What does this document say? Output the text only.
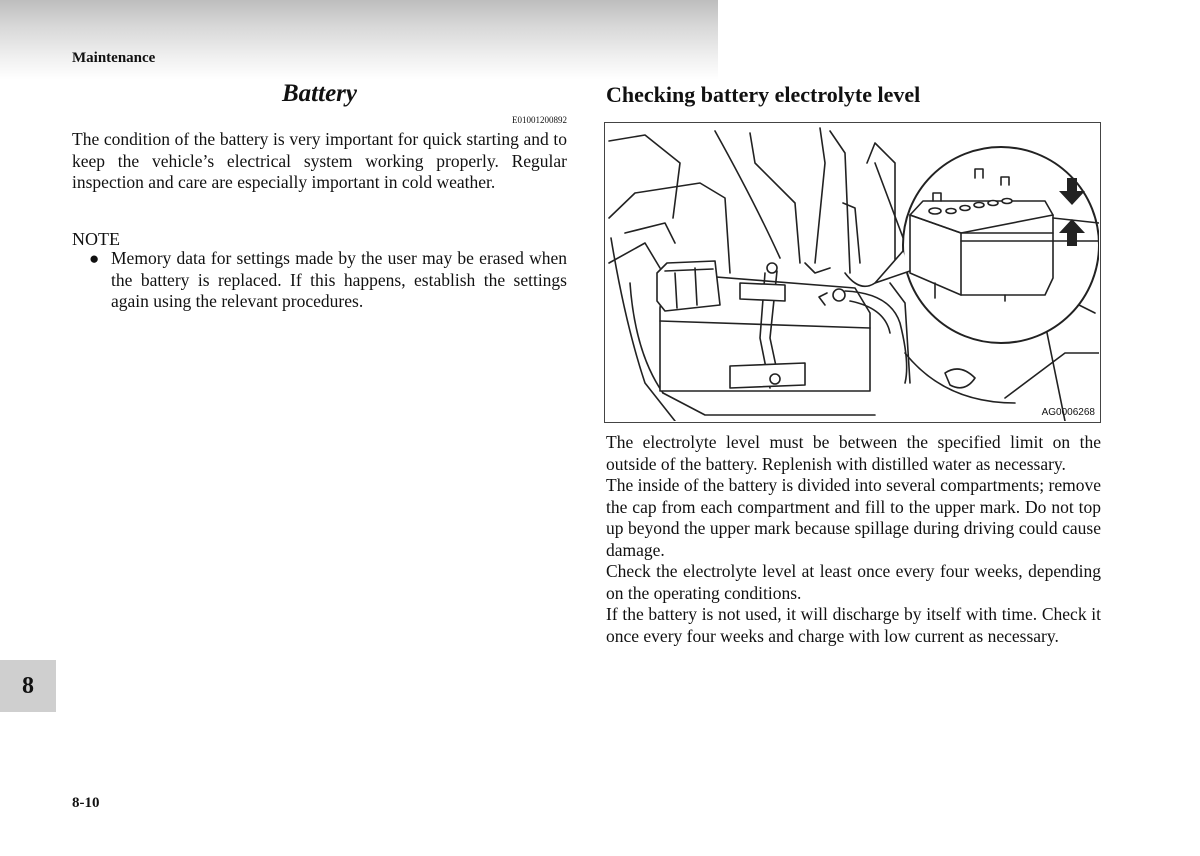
Maintenance
Battery
E01001200892

The condition of the battery is very important for quick starting and to keep the vehicle’s electrical system working properly. Regular inspection and care are especially important in cold weather.

NOTE
● Memory data for settings made by the user may be erased when the battery is replaced. If this happens, establish the settings again using the relevant procedures.
Checking battery electrolyte level
AG0006268

The electrolyte level must be between the specified limit on the outside of the battery. Replenish with distilled water as necessary.

The inside of the battery is divided into several compartments; remove the cap from each compartment and fill to the upper mark. Do not top up beyond the upper mark because spillage during driving could cause damage.

Check the electrolyte level at least once every four weeks, depending on the operating conditions.

If the battery is not used, it will discharge by itself with time. Check it once every four weeks and charge with low current as necessary.

8
8-10
